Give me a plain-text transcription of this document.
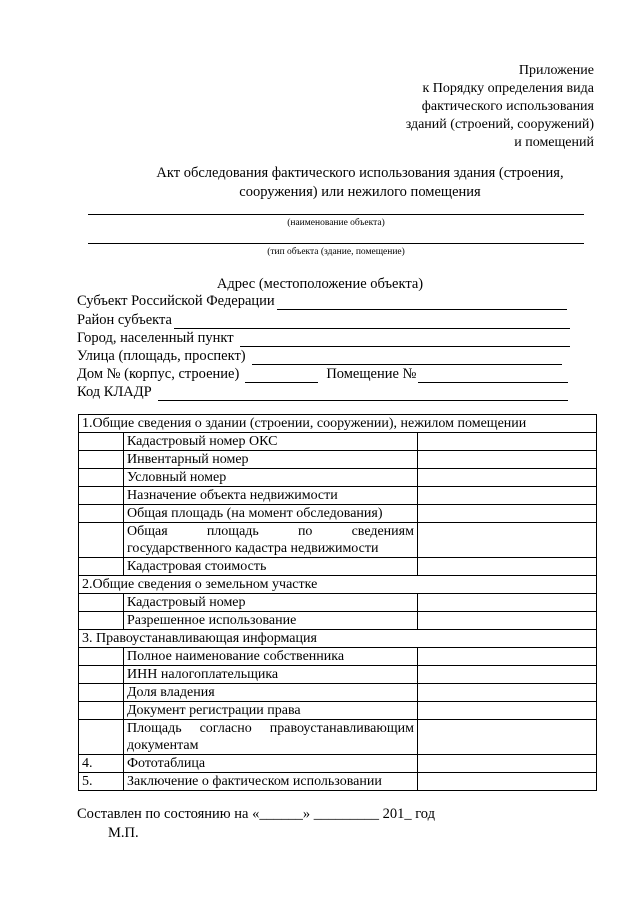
Приложение
к Порядку определения вида
фактического использования
зданий (строений, сооружений)
и помещений
Акт обследования фактического использования здания (строения,
сооружения) или нежилого помещения
(наименование объекта)
(тип объекта (здание, помещение)
Адрес (местоположение объекта)
Субъект Российской Федерации
Район субъекта
Город, населенный пункт
Улица (площадь, проспект)
Дом № (корпус, строение)	Помещение №
Код КЛАДР
1.Общие сведения о здании (строении, сооружении), нежилом помещении		
	Кадастровый номер ОКС	
	Инвентарный номер	
	Условный номер	
	Назначение объекта недвижимости	
	Общая площадь (на момент обследования)	

	Общая площадь по сведениям
государственного кадастра недвижимости	

	Кадастровая стоимость	
2.Общие сведения о земельном участке		
	Кадастровый номер	
	Разрешенное использование	
3. Правоустанавливающая информация		
	Полное наименование собственника	
	ИНН налогоплательщика	
	Доля владения	
	Документ регистрации права	

	Площадь согласно правоустанавливающим
документам	

4.	Фототаблица	
5.	Заключение о фактическом использовании	
Составлен по состоянию на «______» _________ 201_ год
М.П.
